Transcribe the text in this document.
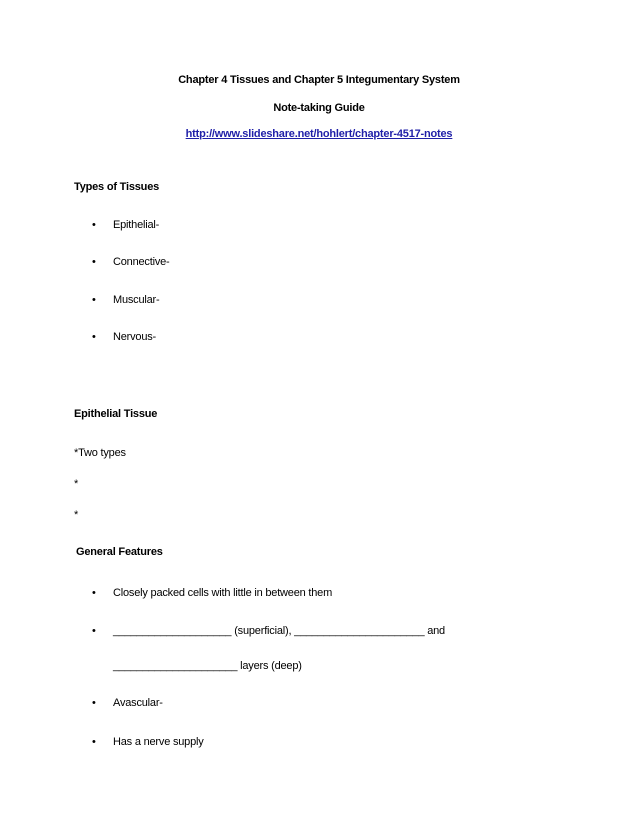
Chapter 4 Tissues and Chapter 5 Integumentary System
Note-taking Guide
http://www.slideshare.net/hohlert/chapter-4517-notes
Types of Tissues
• Epithelial-
• Connective-
• Muscular-
• Nervous-
Epithelial Tissue
*Two types
*
*
General Features
• Closely packed cells with little in between them
• ____________________ (superficial), ______________________ and
_____________________ layers (deep)
• Avascular-
• Has a nerve supply
